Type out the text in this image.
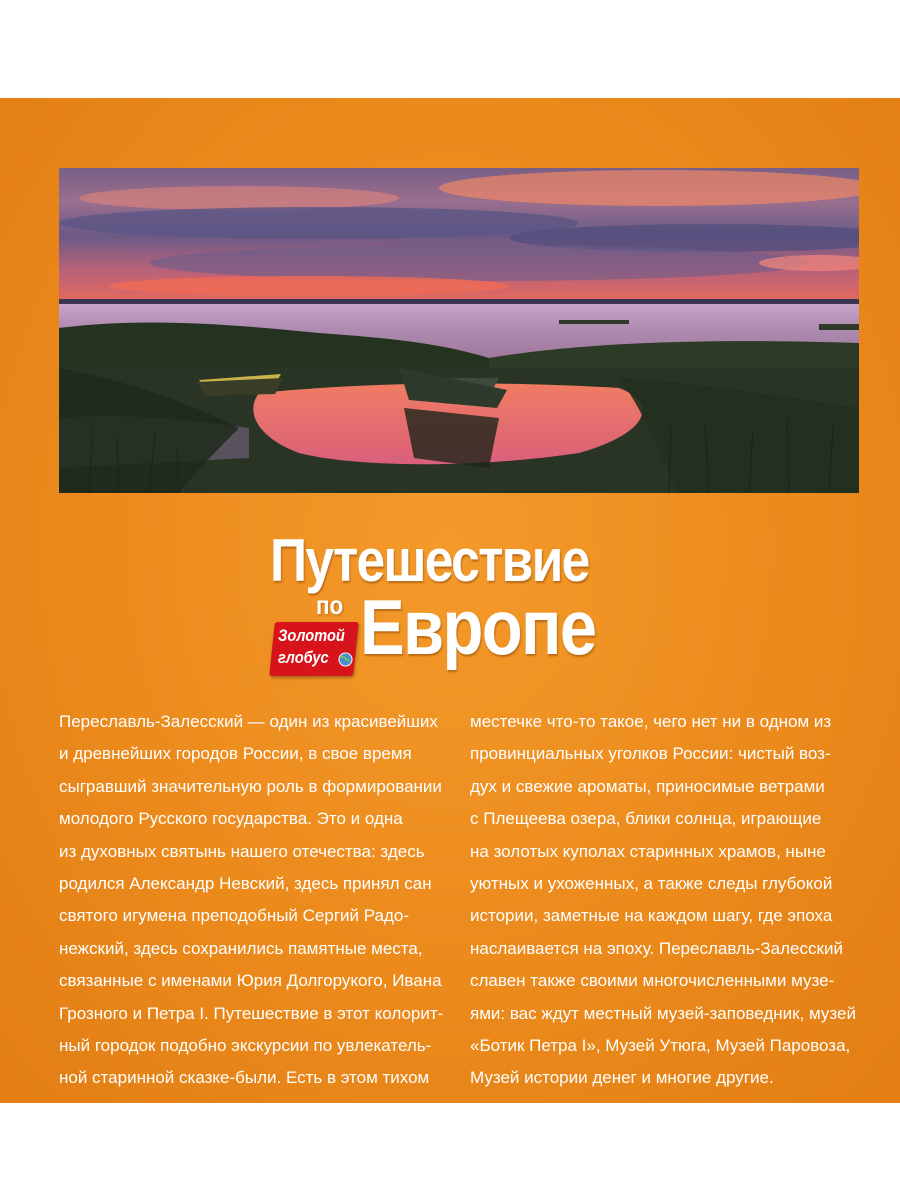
Путешествие
по Европе
Золотой
глобус
Переславль-Залесский — один из красивейших
и древнейших городов России, в свое время
сыгравший значительную роль в формировании
молодого Русского государства. Это и одна
из духовных святынь нашего отечества: здесь
родился Александр Невский, здесь принял сан
святого игумена преподобный Сергий Радо-
нежский, здесь сохранились памятные места,
связанные с именами Юрия Долгорукого, Ивана
Грозного и Петра I. Путешествие в этот колорит-
ный городок подобно экскурсии по увлекатель-
ной старинной сказке-были. Есть в этом тихом
местечке что-то такое, чего нет ни в одном из
провинциальных уголков России: чистый воз-
дух и свежие ароматы, приносимые ветрами
с Плещеева озера, блики солнца, играющие
на золотых куполах старинных храмов, ныне
уютных и ухоженных, а также следы глубокой
истории, заметные на каждом шагу, где эпоха
наслаивается на эпоху. Переславль-Залесский
славен также своими многочисленными музе-
ями: вас ждут местный музей-заповедник, музей
«Ботик Петра I», Музей Утюга, Музей Паровоза,
Музей истории денег и многие другие.
